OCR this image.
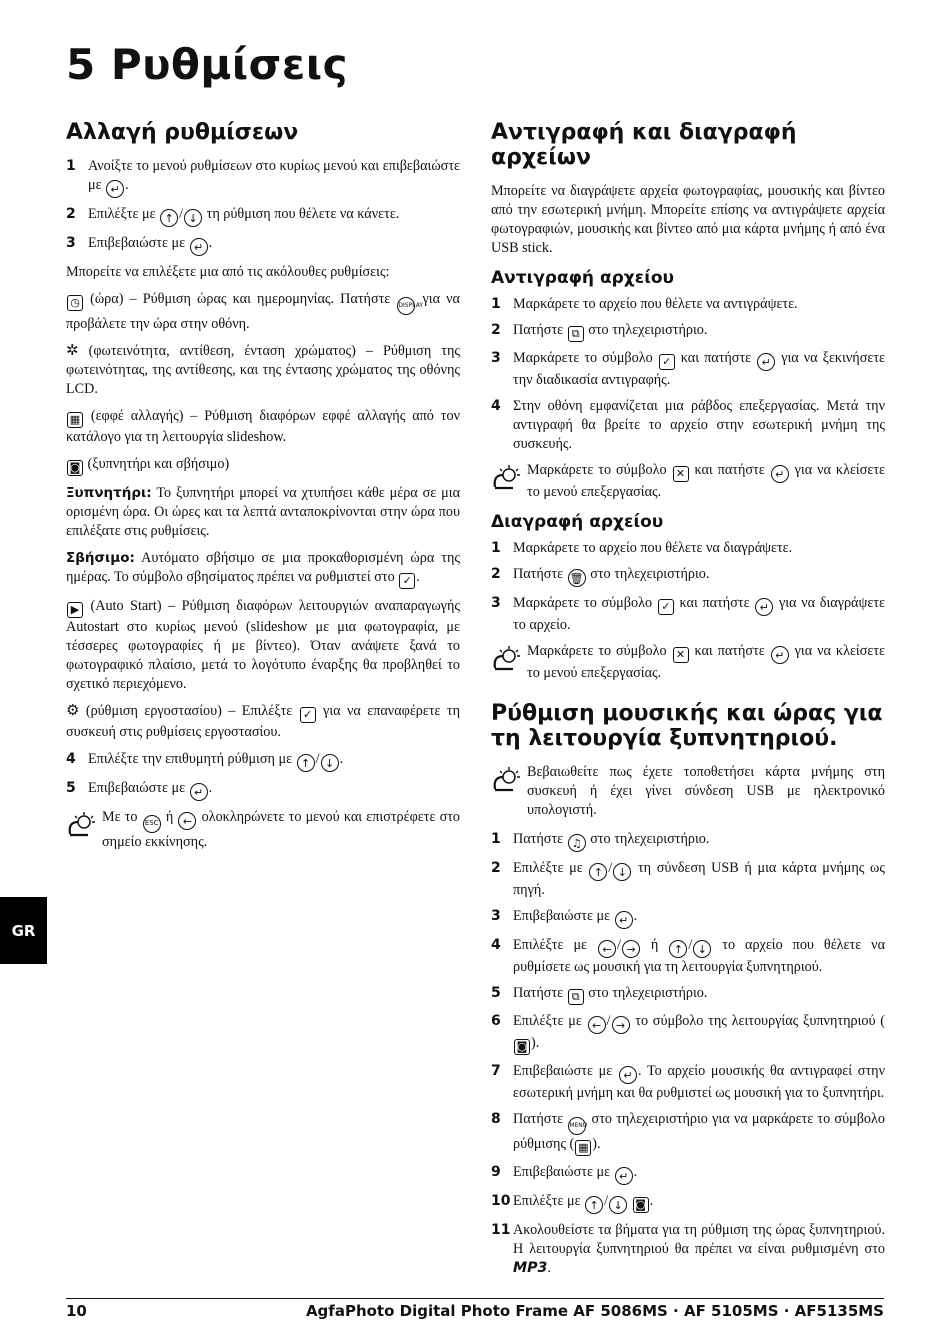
5 Ρυθμίσεις
Αλλαγή ρυθμίσεων
1 Ανοίξτε το μενού ρυθμίσεων στο κυρίως μενού και επιβεβαιώστε με ↵ .
2 Επιλέξτε με ↑ / ↓ τη ρύθμιση που θέλετε να κάνετε.
3 Επιβεβαιώστε με ↵ .

Μπορείτε να επιλέξετε μια από τις ακόλουθες ρυθμίσεις:

◷ (ώρα) – Ρύθμιση ώρας και ημερομηνίας. Πατήστε DISPLAY για να προβάλετε την ώρα στην οθόνη.

✲ (φωτεινότητα, αντίθεση, ένταση χρώματος) – Ρύθμιση της φωτεινότητας, της αντίθεσης, και της έντασης χρώματος της οθόνης LCD.

▦ (εφφέ αλλαγής) – Ρύθμιση διαφόρων εφφέ αλλαγής από τον κατάλογο για τη λειτουργία slideshow.

◙ (ξυπνητήρι και σβήσιμο)

Ξυπνητήρι: Το ξυπνητήρι μπορεί να χτυπήσει κάθε μέρα σε μια ορισμένη ώρα. Οι ώρες και τα λεπτά ανταποκρίνονται στην ώρα που επιλέξατε στις ρυθμίσεις.

Σβήσιμο: Αυτόματο σβήσιμο σε μια προκαθορισμένη ώρα της ημέρας. Το σύμβολο σβησίματος πρέπει να ρυθμιστεί στο ✓ .

▶ (Auto Start) – Ρύθμιση διαφόρων λειτουργιών αναπαραγωγής Autostart στο κυρίως μενού (slideshow με μια φωτογραφία, με τέσσερες φωτογραφίες ή με βίντεο). Όταν ανάψετε ξανά το φωτογραφικό πλαίσιο, μετά το λογότυπο έναρξης θα προβληθεί το σχετικό περιεχόμενο.

⚙ (ρύθμιση εργοστασίου) – Επιλέξτε ✓ για να επαναφέρετε τη συσκευή στις ρυθμίσεις εργοστασίου.

4 Επιλέξτε την επιθυμητή ρύθμιση με ↑ / ↓ .
5 Επιβεβαιώστε με ↵ .
Με το ESC ή ← ολοκληρώνετε το μενού και επιστρέφετε στο σημείο εκκίνησης.
Αντιγραφή και διαγραφή αρχείων

Μπορείτε να διαγράψετε αρχεία φωτογραφίας, μουσικής και βίντεο από την εσωτερική μνήμη. Μπορείτε επίσης να αντιγράψετε αρχεία φωτογραφιών, μουσικής και βίντεο από μια κάρτα μνήμης ή από ένα USB stick.

Αντιγραφή αρχείου
1 Μαρκάρετε το αρχείο που θέλετε να αντιγράψετε.
2 Πατήστε ⧉ στο τηλεχειριστήριο.
3 Μαρκάρετε το σύμβολο ✓ και πατήστε ↵ για να ξεκινήσετε την διαδικασία αντιγραφής.
4 Στην οθόνη εμφανίζεται μια ράβδος επεξεργασίας. Μετά την αντιγραφή θα βρείτε το αρχείο στην εσωτερική μνήμη της συσκευής.
Μαρκάρετε το σύμβολο ✕ και πατήστε ↵ για να κλείσετε το μενού επεξεργασίας.
Διαγραφή αρχείου
1 Μαρκάρετε το αρχείο που θέλετε να διαγράψετε.
2 Πατήστε 🗑 στο τηλεχειριστήριο.
3 Μαρκάρετε το σύμβολο ✓ και πατήστε ↵ για να διαγράψετε το αρχείο.
Μαρκάρετε το σύμβολο ✕ και πατήστε ↵ για να κλείσετε το μενού επεξεργασίας.
Ρύθμιση μουσικής και ώρας για τη λειτουργία ξυπνητηριού.
Βεβαιωθείτε πως έχετε τοποθετήσει κάρτα μνήμης στη συσκευή ή έχει γίνει σύνδεση USB με ηλεκτρονικό υπολογιστή.
1 Πατήστε ♫ στο τηλεχειριστήριο.
2 Επιλέξτε με ↑ / ↓ τη σύνδεση USB ή μια κάρτα μνήμης ως πηγή.
3 Επιβεβαιώστε με ↵ .
4 Επιλέξτε με ← / → ή ↑ / ↓ το αρχείο που θέλετε να ρυθμίσετε ως μουσική για τη λειτουργία ξυπνητηριού.
5 Πατήστε ⧉ στο τηλεχειριστήριο.
6 Επιλέξτε με ← / → το σύμβολο της λειτουργίας ξυπνητηριού (◙ ).
7 Επιβεβαιώστε με ↵ . Το αρχείο μουσικής θα αντιγραφεί στην εσωτερική μνήμη και θα ρυθμιστεί ως μουσική για το ξυπνητήρι.
8 Πατήστε MENU στο τηλεχειριστήριο για να μαρκάρετε το σύμβολο ρύθμισης ( ▦ ).
9 Επιβεβαιώστε με ↵ .
10 Επιλέξτε με ↑ / ↓ ◙ .
11 Ακολουθείστε τα βήματα για τη ρύθμιση της ώρας ξυπνητηριού. Η λειτουργία ξυπνητηριού θα πρέπει να είναι ρυθμισμένη στο MP3.
GR
10	AgfaPhoto Digital Photo Frame AF 5086MS · AF 5105MS · AF5135MS
